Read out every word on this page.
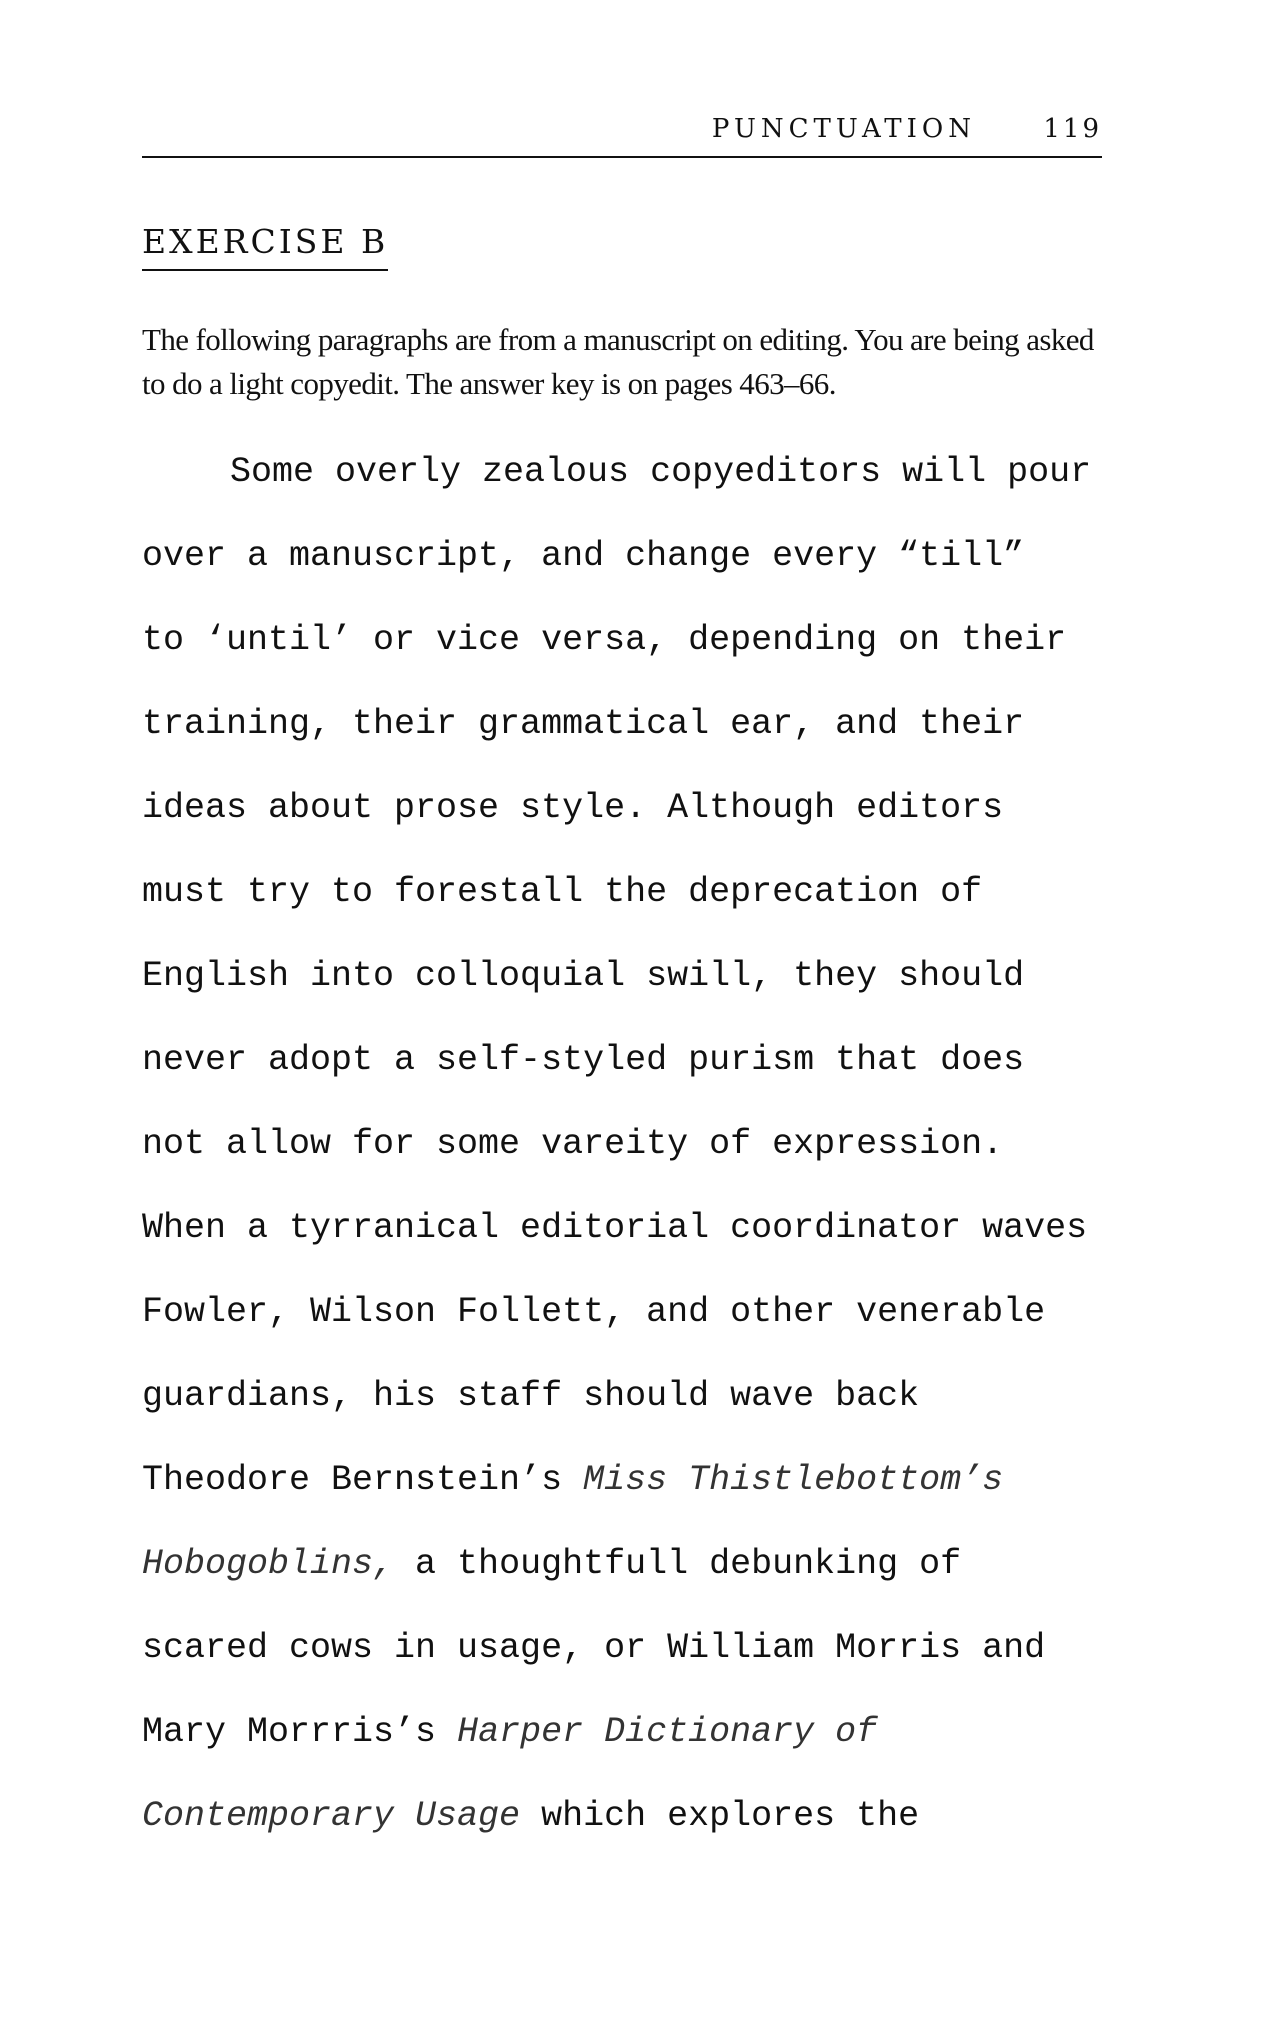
PUNCTUATION	119
EXERCISE B

The following paragraphs are from a manuscript on editing. You are being asked to do a light copyedit. The answer key is on pages 463–66.

Some overly zealous copyeditors will pour
over a manuscript, and change every “till”
to ‘until’ or vice versa, depending on their
training, their grammatical ear, and their
ideas about prose style. Although editors
must try to forestall the deprecation of
English into colloquial swill, they should
never adopt a self-styled purism that does
not allow for some vareity of expression.
When a tyrranical editorial coordinator waves
Fowler, Wilson Follett, and other venerable
guardians, his staff should wave back
Theodore Bernstein’s Miss Thistlebottom’s
Hobogoblins, a thoughtfull debunking of
scared cows in usage, or William Morris and
Mary Morrris’s Harper Dictionary of
Contemporary Usage which explores the
